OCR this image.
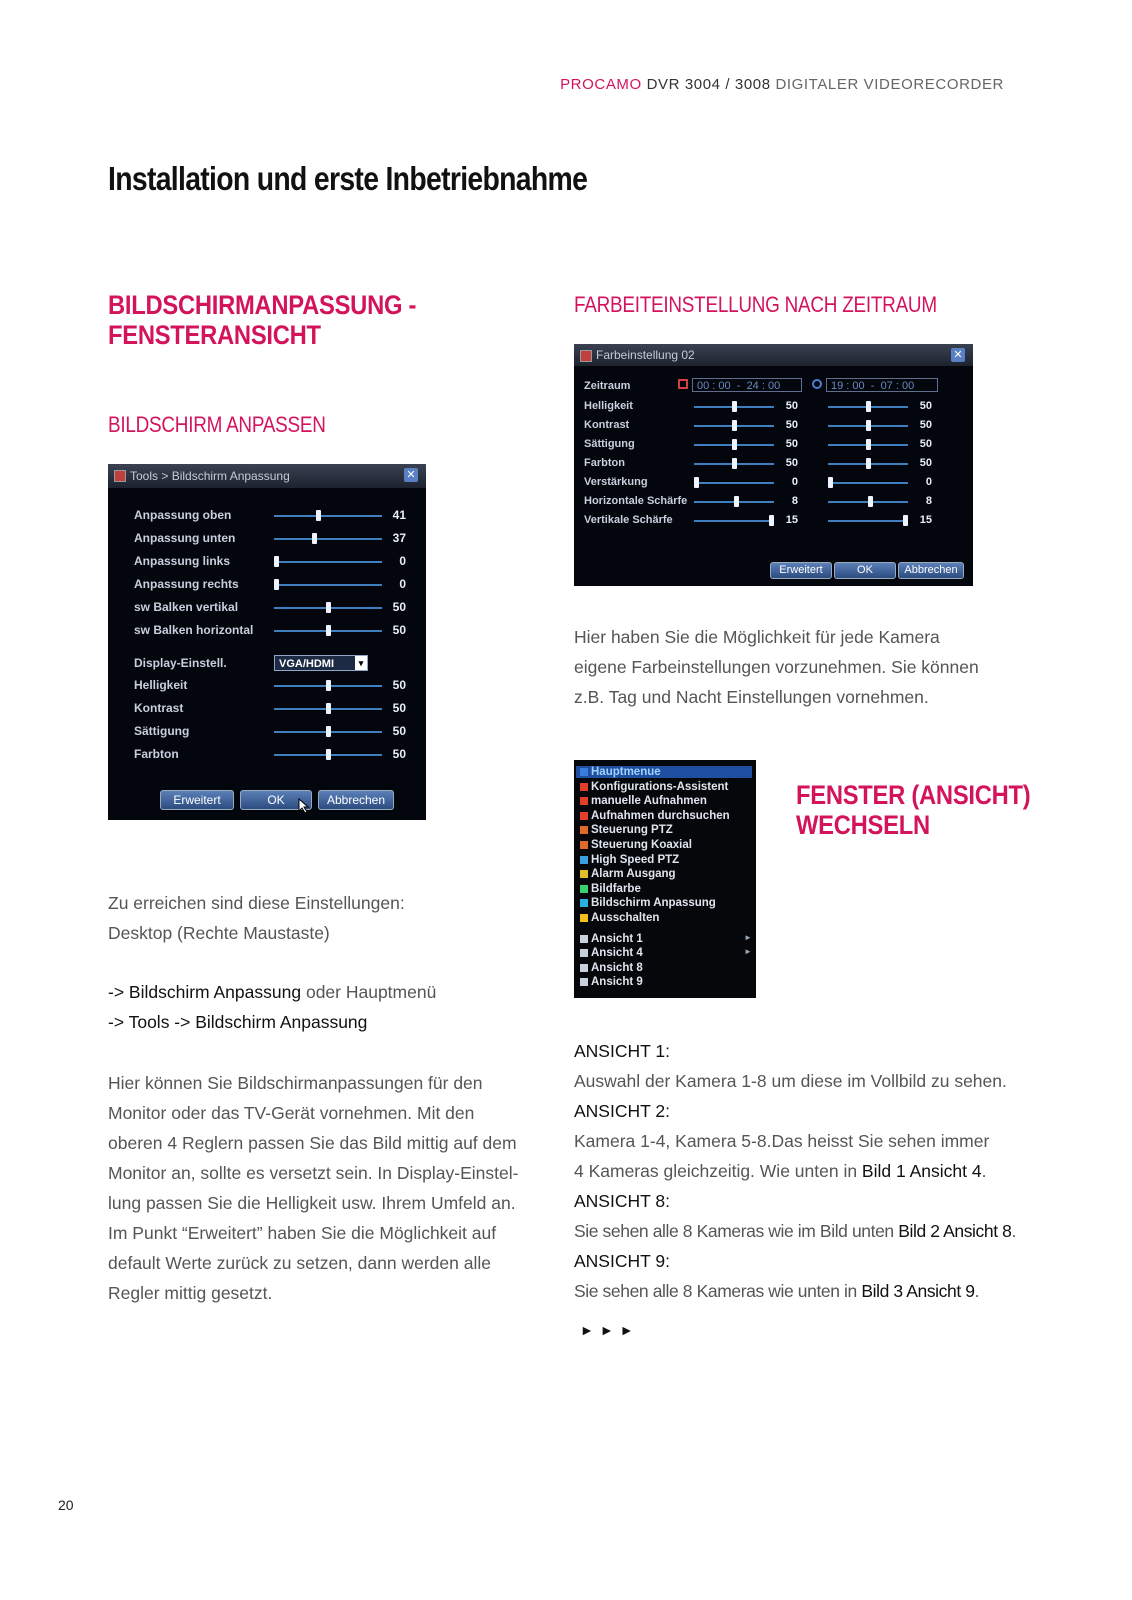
PROCAMO DVR 3004 / 3008 DIGITALER VIDEORECORDER
Installation und erste Inbetriebnahme
BILDSCHIRMANPASSUNG -
FENSTERANSICHT
BILDSCHIRM ANPASSEN
Tools > Bildschirm Anpassung	✕
Anpassung oben	41
Anpassung unten	37
Anpassung links	0
Anpassung rechts	0
sw Balken vertikal	50
sw Balken horizontal	50
Display-Einstell.	VGA/HDMI	▾
Helligkeit	50
Kontrast	50
Sättigung	50
Farbton	50
Erweitert	OK	Abbrechen
Zu erreichen sind diese Einstellungen:
Desktop (Rechte Maustaste)
-> Bildschirm Anpassung oder Hauptmenü
-> Tools -> Bildschirm Anpassung
Hier können Sie Bildschirmanpassungen für den
Monitor oder das TV-Gerät vornehmen. Mit den
oberen 4 Reglern passen Sie das Bild mittig auf dem
Monitor an, sollte es versetzt sein. In Display-Einstel-
lung passen Sie die Helligkeit usw. Ihrem Umfeld an.
Im Punkt “Erweitert” haben Sie die Möglichkeit auf
default Werte zurück zu setzen, dann werden alle
Regler mittig gesetzt.
FARBEITEINSTELLUNG NACH ZEITRAUM
Farbeinstellung 02	✕
Zeitraum	00 : 00 - 24 : 00	19 : 00 - 07 : 00
Helligkeit	50	50
Kontrast	50	50
Sättigung	50	50
Farbton	50	50
Verstärkung	0	0
Horizontale Schärfe	8	8
Vertikale Schärfe	15	15
Erweitert	OK	Abbrechen
Hier haben Sie die Möglichkeit für jede Kamera
eigene Farbeinstellungen vorzunehmen. Sie können
z.B. Tag und Nacht Einstellungen vornehmen.
Hauptmenue
Konfigurations-Assistent
manuelle Aufnahmen
Aufnahmen durchsuchen
Steuerung PTZ
Steuerung Koaxial
High Speed PTZ
Alarm Ausgang
Bildfarbe
Bildschirm Anpassung
Ausschalten
Ansicht 1	►
Ansicht 4	►
Ansicht 8
Ansicht 9
FENSTER (ANSICHT)
WECHSELN
ANSICHT 1:
Auswahl der Kamera 1-8 um diese im Vollbild zu sehen.
ANSICHT 2:
Kamera 1-4, Kamera 5-8.Das heisst Sie sehen immer
4 Kameras gleichzeitig. Wie unten in Bild 1 Ansicht 4.
ANSICHT 8:
Sie sehen alle 8 Kameras wie im Bild unten Bild 2 Ansicht 8.
ANSICHT 9:
Sie sehen alle 8 Kameras wie unten in Bild 3 Ansicht 9.
►►►
20
